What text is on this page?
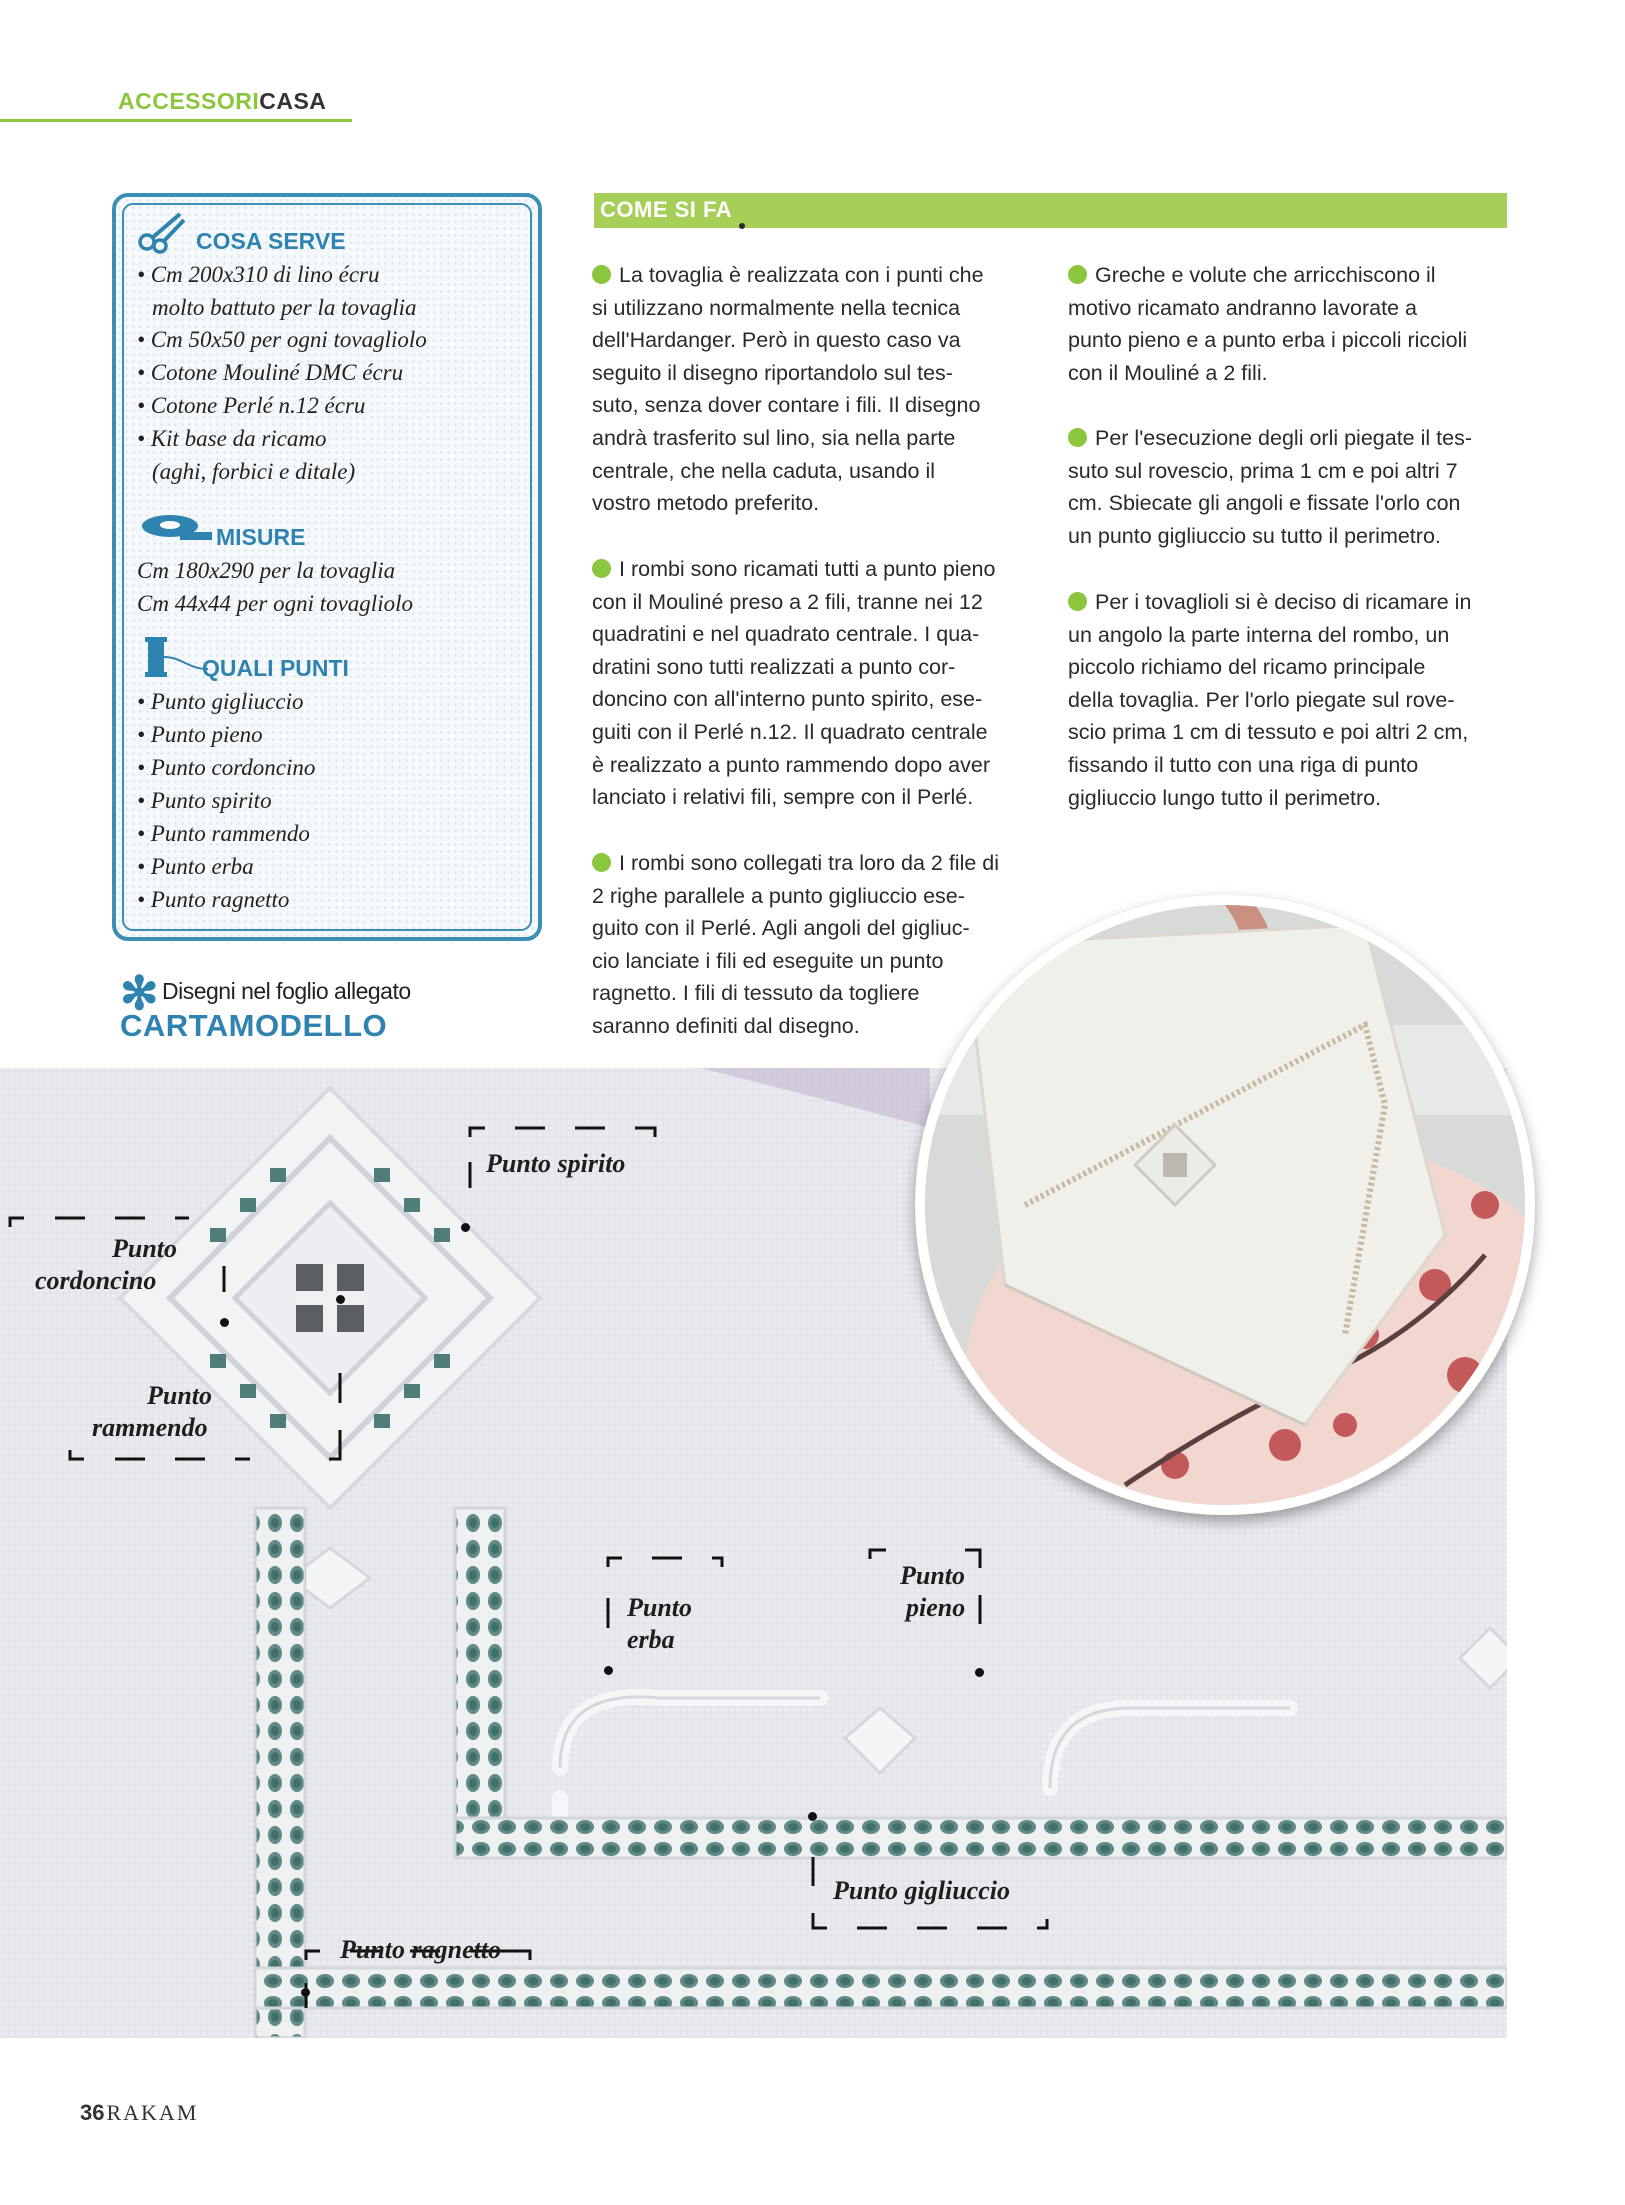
ACCESSORICASA
COSA SERVE
• Cm 200x310 di lino écru
molto battuto per la tovaglia
• Cm 50x50 per ogni tovagliolo
• Cotone Mouliné DMC écru
• Cotone Perlé n.12 écru
• Kit base da ricamo
(aghi, forbici e ditale)
MISURE
Cm 180x290 per la tovaglia
Cm 44x44 per ogni tovagliolo
QUALI PUNTI
• Punto gigliuccio
• Punto pieno
• Punto cordoncino
• Punto spirito
• Punto rammendo
• Punto erba
• Punto ragnetto
✻ Disegni nel foglio allegato
CARTAMODELLO
COME SI FA
La tovaglia è realizzata con i punti che
si utilizzano normalmente nella tecnica
dell'Hardanger. Però in questo caso va
seguito il disegno riportandolo sul tes-
suto, senza dover contare i fili. Il disegno
andrà trasferito sul lino, sia nella parte
centrale, che nella caduta, usando il
vostro metodo preferito.
I rombi sono ricamati tutti a punto pieno
con il Mouliné preso a 2 fili, tranne nei 12
quadratini e nel quadrato centrale. I qua-
dratini sono tutti realizzati a punto cor-
doncino con all'interno punto spirito, ese-
guiti con il Perlé n.12. Il quadrato centrale
è realizzato a punto rammendo dopo aver
lanciato i relativi fili, sempre con il Perlé.
I rombi sono collegati tra loro da 2 file di
2 righe parallele a punto gigliuccio ese-
guito con il Perlé. Agli angoli del gigliuc-
cio lanciate i fili ed eseguite un punto
ragnetto. I fili di tessuto da togliere
saranno definiti dal disegno.
Greche e volute che arricchiscono il
motivo ricamato andranno lavorate a
punto pieno e a punto erba i piccoli riccioli
con il Mouliné a 2 fili.
Per l'esecuzione degli orli piegate il tes-
suto sul rovescio, prima 1 cm e poi altri 7
cm. Sbiecate gli angoli e fissate l'orlo con
un punto gigliuccio su tutto il perimetro.
Per i tovaglioli si è deciso di ricamare in
un angolo la parte interna del rombo, un
piccolo richiamo del ricamo principale
della tovaglia. Per l'orlo piegate sul rove-
scio prima 1 cm di tessuto e poi altri 2 cm,
fissando il tutto con una riga di punto
gigliuccio lungo tutto il perimetro.
Punto spirito
Punto
cordoncino
Punto
rammendo
Punto
erba
Punto
pieno
Punto gigliuccio
Punto ragnetto
36RAKAM
